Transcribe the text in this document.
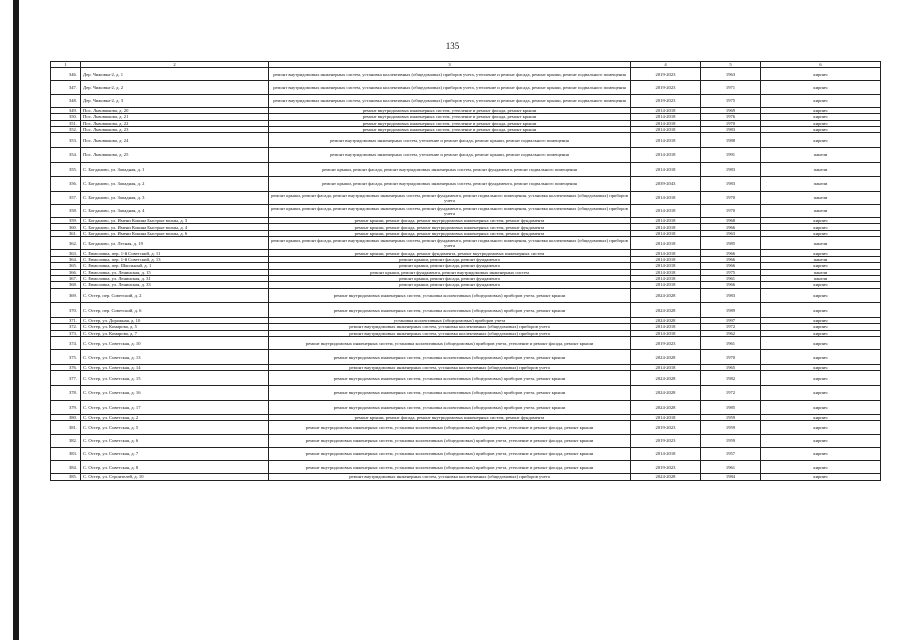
135
1	2	3	4	5	6
346.	Дер. Чижовка-2, д. 1	ремонт внутридомовых инженерных систем, установка коллективных (общедомовых) приборов учета, утепление и ремонт фасада, ремонт крыши, ремонт подвального помещения	2019-2023	1963	кирпич
347.	Дер. Чижовка-2, д. 2	ремонт внутридомовых инженерных систем, установка коллективных (общедомовых) приборов учета, утепление и ремонт фасада, ремонт крыши, ремонт подвального помещения	2019-2023	1971	кирпич
348.	Дер. Чижовка-2, д. 3	ремонт внутридомовых инженерных систем, установка коллективных (общедомовых) приборов учета, утепление и ремонт фасада, ремонт крыши, ремонт подвального помещения	2019-2023	1975	кирпич
349.	Пос. Львовшкова, д. 20	ремонт внутридомовых инженерных систем, утепление и ремонт фасада, ремонт крыши	2014-2018	1969	кирпич
350.	Пос. Львовшкова, д. 21	ремонт внутридомовых инженерных систем, утепление и ремонт фасада, ремонт крыши	2014-2018	1976	кирпич
351.	Пос. Львовшкова, д. 22	ремонт внутридомовых инженерных систем, утепление и ремонт фасада, ремонт крыши	2014-2018	1970	кирпич
352.	Пос. Львовшкова, д. 23	ремонт внутридомовых инженерных систем, утепление и ремонт фасада, ремонт крыши	2014-2018	1983	кирпич
353.	Пос. Львовшкова, д. 24	ремонт внутридомовых инженерных систем, утепление и ремонт фасада, ремонт крыши, ремонт подвального помещения	2014-2018	1988	кирпич
354.	Пос. Львовшкова, д. 25	ремонт внутридомовых инженерных систем, утепление и ремонт фасада, ремонт крыши, ремонт подвального помещения	2014-2018	1991	панели
355.	С. Богданово, ул. Западная, д. 1	ремонт крыши, ремонт фасада, ремонт внутридомовых инженерных систем, ремонт фундамента, ремонт подвального помещения	2014-2018	1983	панели
356.	С. Богданово, ул. Западная, д. 2	ремонт крыши, ремонт фасада, ремонт внутридомовых инженерных систем, ремонт фундамента, ремонт подвального помещения	2039-2043	1983	панели
357.	С. Богданово, ул. Западная, д. 3	ремонт крыши, ремонт фасада, ремонт внутридомовых инженерных систем, ремонт фундамента, ремонт подвального помещения, установка коллективных (общедомовых) приборов учета	2014-2018	1970	панели
358.	С. Богданово, ул. Западная, д. 4	ремонт крыши, ремонт фасада, ремонт внутридомовых инженерных систем, ремонт фундамента, ремонт подвального помещения, установка коллективных (общедомовых) приборов учета	2014-2018	1970	панели
359.	С. Богданово, ул. Имени Кокина Быстрые волны, д. 3	ремонт крыши, ремонт фасада, ремонт внутридомовых инженерных систем, ремонт фундамента	2014-2018	1968	кирпич
360.	С. Богданово, ул. Имени Кокина Быстрые волны, д. 4	ремонт крыши, ремонт фасада, ремонт внутридомовых инженерных систем, ремонт фундамента	2014-2018	1966	кирпич
361.	С. Богданово, ул. Имени Кокина Быстрые волны, д. 6	ремонт крыши, ремонт фасада, ремонт внутридомовых инженерных систем, ремонт фундамента	2014-2018	1963	кирпич
362.	С. Богданово, ул. Лесная, д. 19	ремонт крыши, ремонт фасада, ремонт внутридомовых инженерных систем, ремонт фундамента, ремонт подвального помещения, установка коллективных (общедомовых) приборов учета	2014-2018	1985	панели
363.	С. Евмоловка, пер. 1-й Советский, д. 11	ремонт крыши, ремонт фасада, ремонт фундамента, ремонт внутридомовых инженерных систем	2014-2018	1966	кирпич
364.	С. Евмоловка, пер. 1-й Советский, д. 13	ремонт крыши, ремонт фасада, ремонт фундамента	2014-2018	1966	панели
365.	С. Евмоловка, пер. Школьный, д. 1	ремонт крыши, ремонт фасада, ремонт фундамента	2014-2018	1966	кирпич
366.	С. Евмоловка, ул. Ленинская, д. 15	ремонт крыши, ремонт фундамента, ремонт внутридомовых инженерных систем	2014-2018	1975	панели
367.	С. Евмоловка, ул. Ленинская, д. 31	ремонт крыши, ремонт фасада, ремонт фундамента	2014-2018	1961	панели
368.	С. Евмоловка, ул. Ленинская, д. 33	ремонт крыши, ремонт фасада, ремонт фундамента	2014-2018	1966	кирпич
369.	С. Остер, пер. Советский, д. 2	ремонт внутридомовых инженерных систем, установка коллективных (общедомовых) приборов учета, ремонт крыши	2024-2028	1983	кирпич
370.	С. Остер, пер. Советский, д. 6	ремонт внутридомовых инженерных систем, установка коллективных (общедомовых) приборов учета, ремонт крыши	2024-2028	1989	кирпич
371.	С. Остер, ул. Дорожная, д. 10	установка коллективных (общедомовых) приборов учета	2024-2028	1997	кирпич
372.	С. Остер, ул. Комарова, д. 5	ремонт внутридомовых инженерных систем, установка коллективных (общедомовых) приборов учета	2014-2018	1972	кирпич
373.	С. Остер, ул. Комарова, д. 7	ремонт внутридомовых инженерных систем, установка коллективных (общедомовых) приборов учета	2014-2018	1962	кирпич
374.	С. Остер, ул. Советская, д. 10	ремонт внутридомовых инженерных систем, установка коллективных (общедомовых) приборов учета, утепление и ремонт фасада, ремонт крыши	2019-2023	1961	кирпич
375.	С. Остер, ул. Советская, д. 13	ремонт внутридомовых инженерных систем, установка коллективных (общедомовых) приборов учета, ремонт крыши	2024-2028	1970	кирпич
376.	С. Остер, ул. Советская, д. 14	ремонт внутридомовых инженерных систем, установка коллективных (общедомовых) приборов учета	2014-2018	1965	кирпич
377.	С. Остер, ул. Советская, д. 15	ремонт внутридомовых инженерных систем, установка коллективных (общедомовых) приборов учета, ремонт крыши	2024-2028	1982	кирпич
378.	С. Остер, ул. Советская, д. 16	ремонт внутридомовых инженерных систем, установка коллективных (общедомовых) приборов учета, ремонт крыши	2024-2028	1972	кирпич
379.	С. Остер, ул. Советская, д. 17	ремонт внутридомовых инженерных систем, установка коллективных (общедомовых) приборов учета, ремонт крыши	2024-2028	1985	кирпич
380.	С. Остер, ул. Советская, д. 2	ремонт крыши, ремонт фасада, ремонт внутридомовых инженерных систем, ремонт фундамента	2014-2018	1959	кирпич
381.	С. Остер, ул. Советская, д. 5	ремонт внутридомовых инженерных систем, установка коллективных (общедомовых) приборов учета, утепление и ремонт фасада, ремонт крыши	2019-2023	1959	кирпич
382.	С. Остер, ул. Советская, д. 6	ремонт внутридомовых инженерных систем, установка коллективных (общедомовых) приборов учета, утепление и ремонт фасада, ремонт крыши	2019-2023	1959	кирпич
383.	С. Остер, ул. Советская, д. 7	ремонт внутридомовых инженерных систем, установка коллективных (общедомовых) приборов учета, утепление и ремонт фасада, ремонт крыши	2014-2018	1957	кирпич
384.	С. Остер, ул. Советская, д. 8	ремонт внутридомовых инженерных систем, установка коллективных (общедомовых) приборов учета, утепление и ремонт фасада, ремонт крыши	2019-2023	1961	кирпич
385.	С. Остер, ул. Строителей, д. 10	ремонт внутридомовых инженерных систем, установка коллективных (общедомовых) приборов учета	2024-2028	1984	кирпич
